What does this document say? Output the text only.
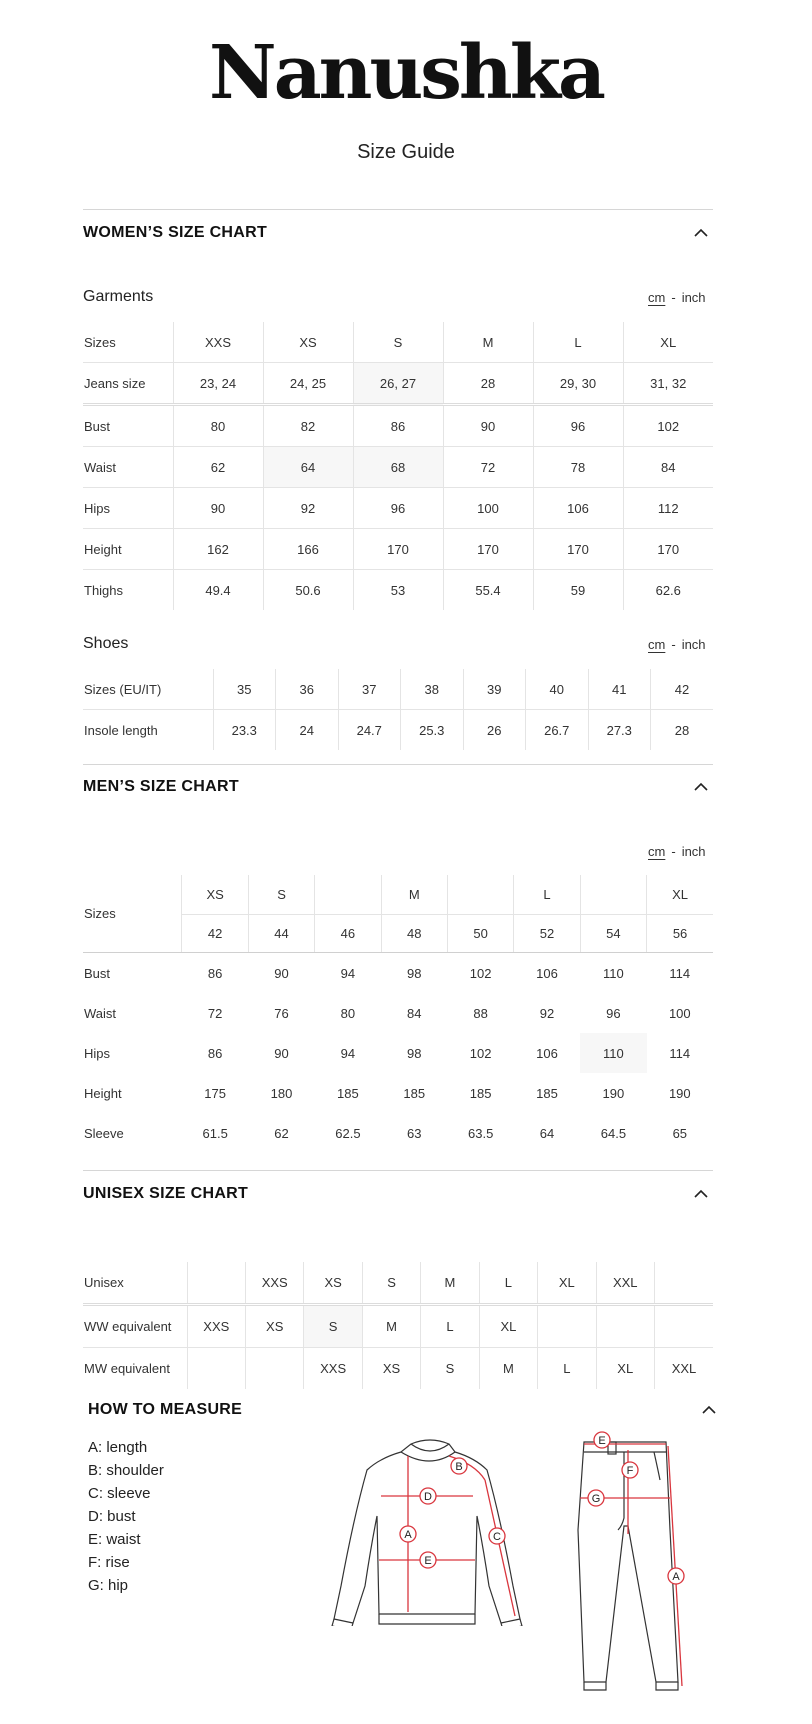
Nanushka
Size Guide
WOMEN’S SIZE CHART
Garments	cm - inch
Sizes	XXS	XS	S	M	L	XL
Jeans size	23, 24	24, 25	26, 27	28	29, 30	31, 32
Bust	80	82	86	90	96	102
Waist	62	64	68	72	78	84
Hips	90	92	96	100	106	112
Height	162	166	170	170	170	170
Thighs	49.4	50.6	53	55.4	59	62.6
Shoes	cm - inch
Sizes (EU/IT)	35	36	37	38	39	40	41	42
Insole length	23.3	24	24.7	25.3	26	26.7	27.3	28
MEN’S SIZE CHART
cm - inch
Sizes	XS	S		M		L		XL
	42	44	46	48	50	52	54	56
Bust	86	90	94	98	102	106	110	114
Waist	72	76	80	84	88	92	96	100
Hips	86	90	94	98	102	106	110	114
Height	175	180	185	185	185	185	190	190
Sleeve	61.5	62	62.5	63	63.5	64	64.5	65
UNISEX SIZE CHART
Unisex		XXS	XS	S	M	L	XL	XXL	
WW equivalent	XXS	XS	S	M	L	XL			
MW equivalent			XXS	XS	S	M	L	XL	XXL
HOW TO MEASURE
A: length
B: shoulder
C: sleeve
D: bust
E: waist
F: rise
G: hip
A
B
C
D
E
E
F
G
A
